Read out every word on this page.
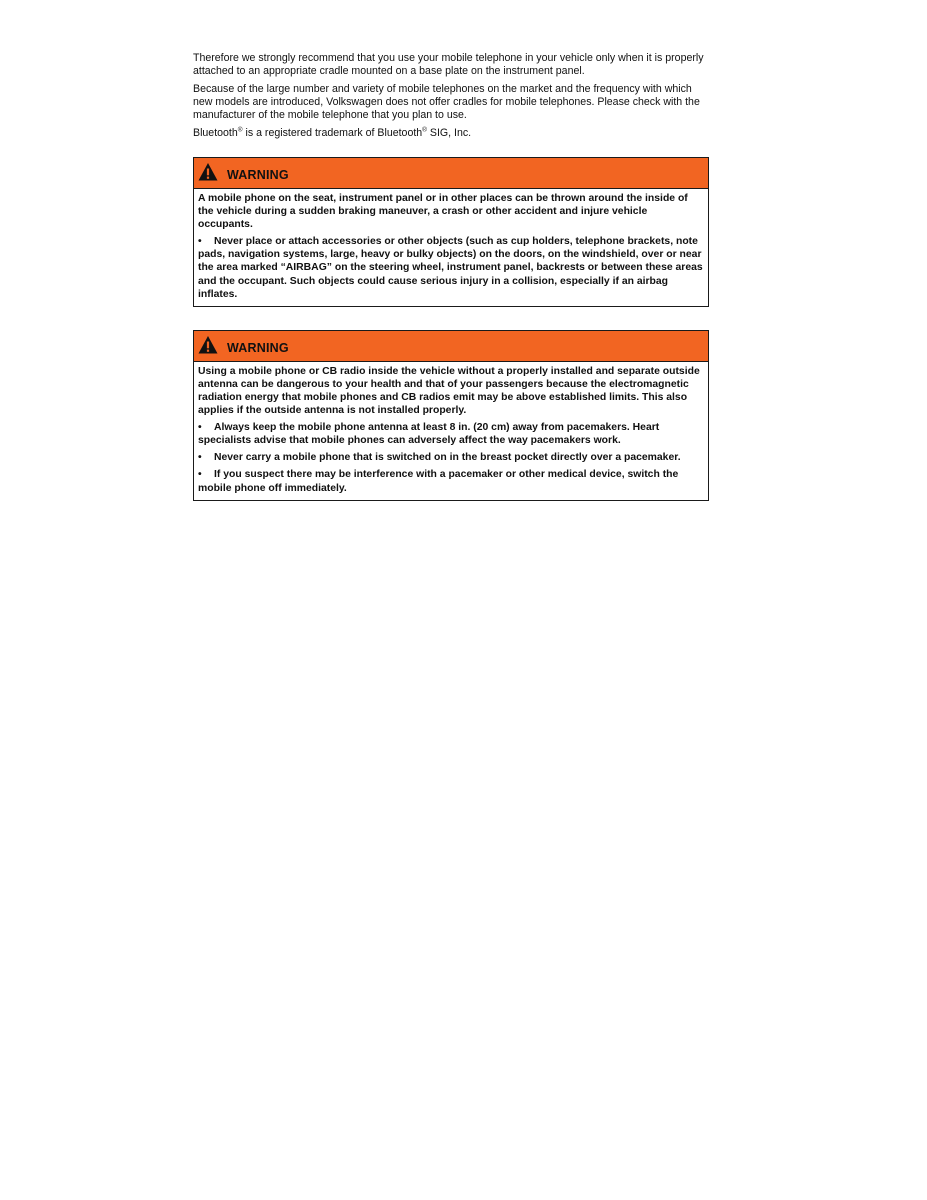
Therefore we strongly recommend that you use your mobile telephone in your vehicle only when it is properly attached to an appropriate cradle mounted on a base plate on the instrument panel.

Because of the large number and variety of mobile telephones on the market and the frequency with which new models are introduced, Volkswagen does not offer cradles for mobile telephones. Please check with the manufacturer of the mobile telephone that you plan to use.

Bluetooth® is a registered trademark of Bluetooth® SIG, Inc.

WARNING

A mobile phone on the seat, instrument panel or in other places can be thrown around the inside of the vehicle during a sudden braking maneuver, a crash or other accident and injure vehicle occupants.

• Never place or attach accessories or other objects (such as cup holders, telephone brackets, note pads, navigation systems, large, heavy or bulky objects) on the doors, on the windshield, over or near the area marked “AIRBAG” on the steering wheel, instrument panel, backrests or between these areas and the occupant. Such objects could cause serious injury in a collision, especially if an airbag inflates.

WARNING

Using a mobile phone or CB radio inside the vehicle without a properly installed and separate outside antenna can be dangerous to your health and that of your passengers because the electromagnetic radiation energy that mobile phones and CB radios emit may be above established limits. This also applies if the outside antenna is not installed properly.

• Always keep the mobile phone antenna at least 8 in. (20 cm) away from pacemakers. Heart specialists advise that mobile phones can adversely affect the way pacemakers work.

• Never carry a mobile phone that is switched on in the breast pocket directly over a pacemaker.

• If you suspect there may be interference with a pacemaker or other medical device, switch the mobile phone off immediately.
